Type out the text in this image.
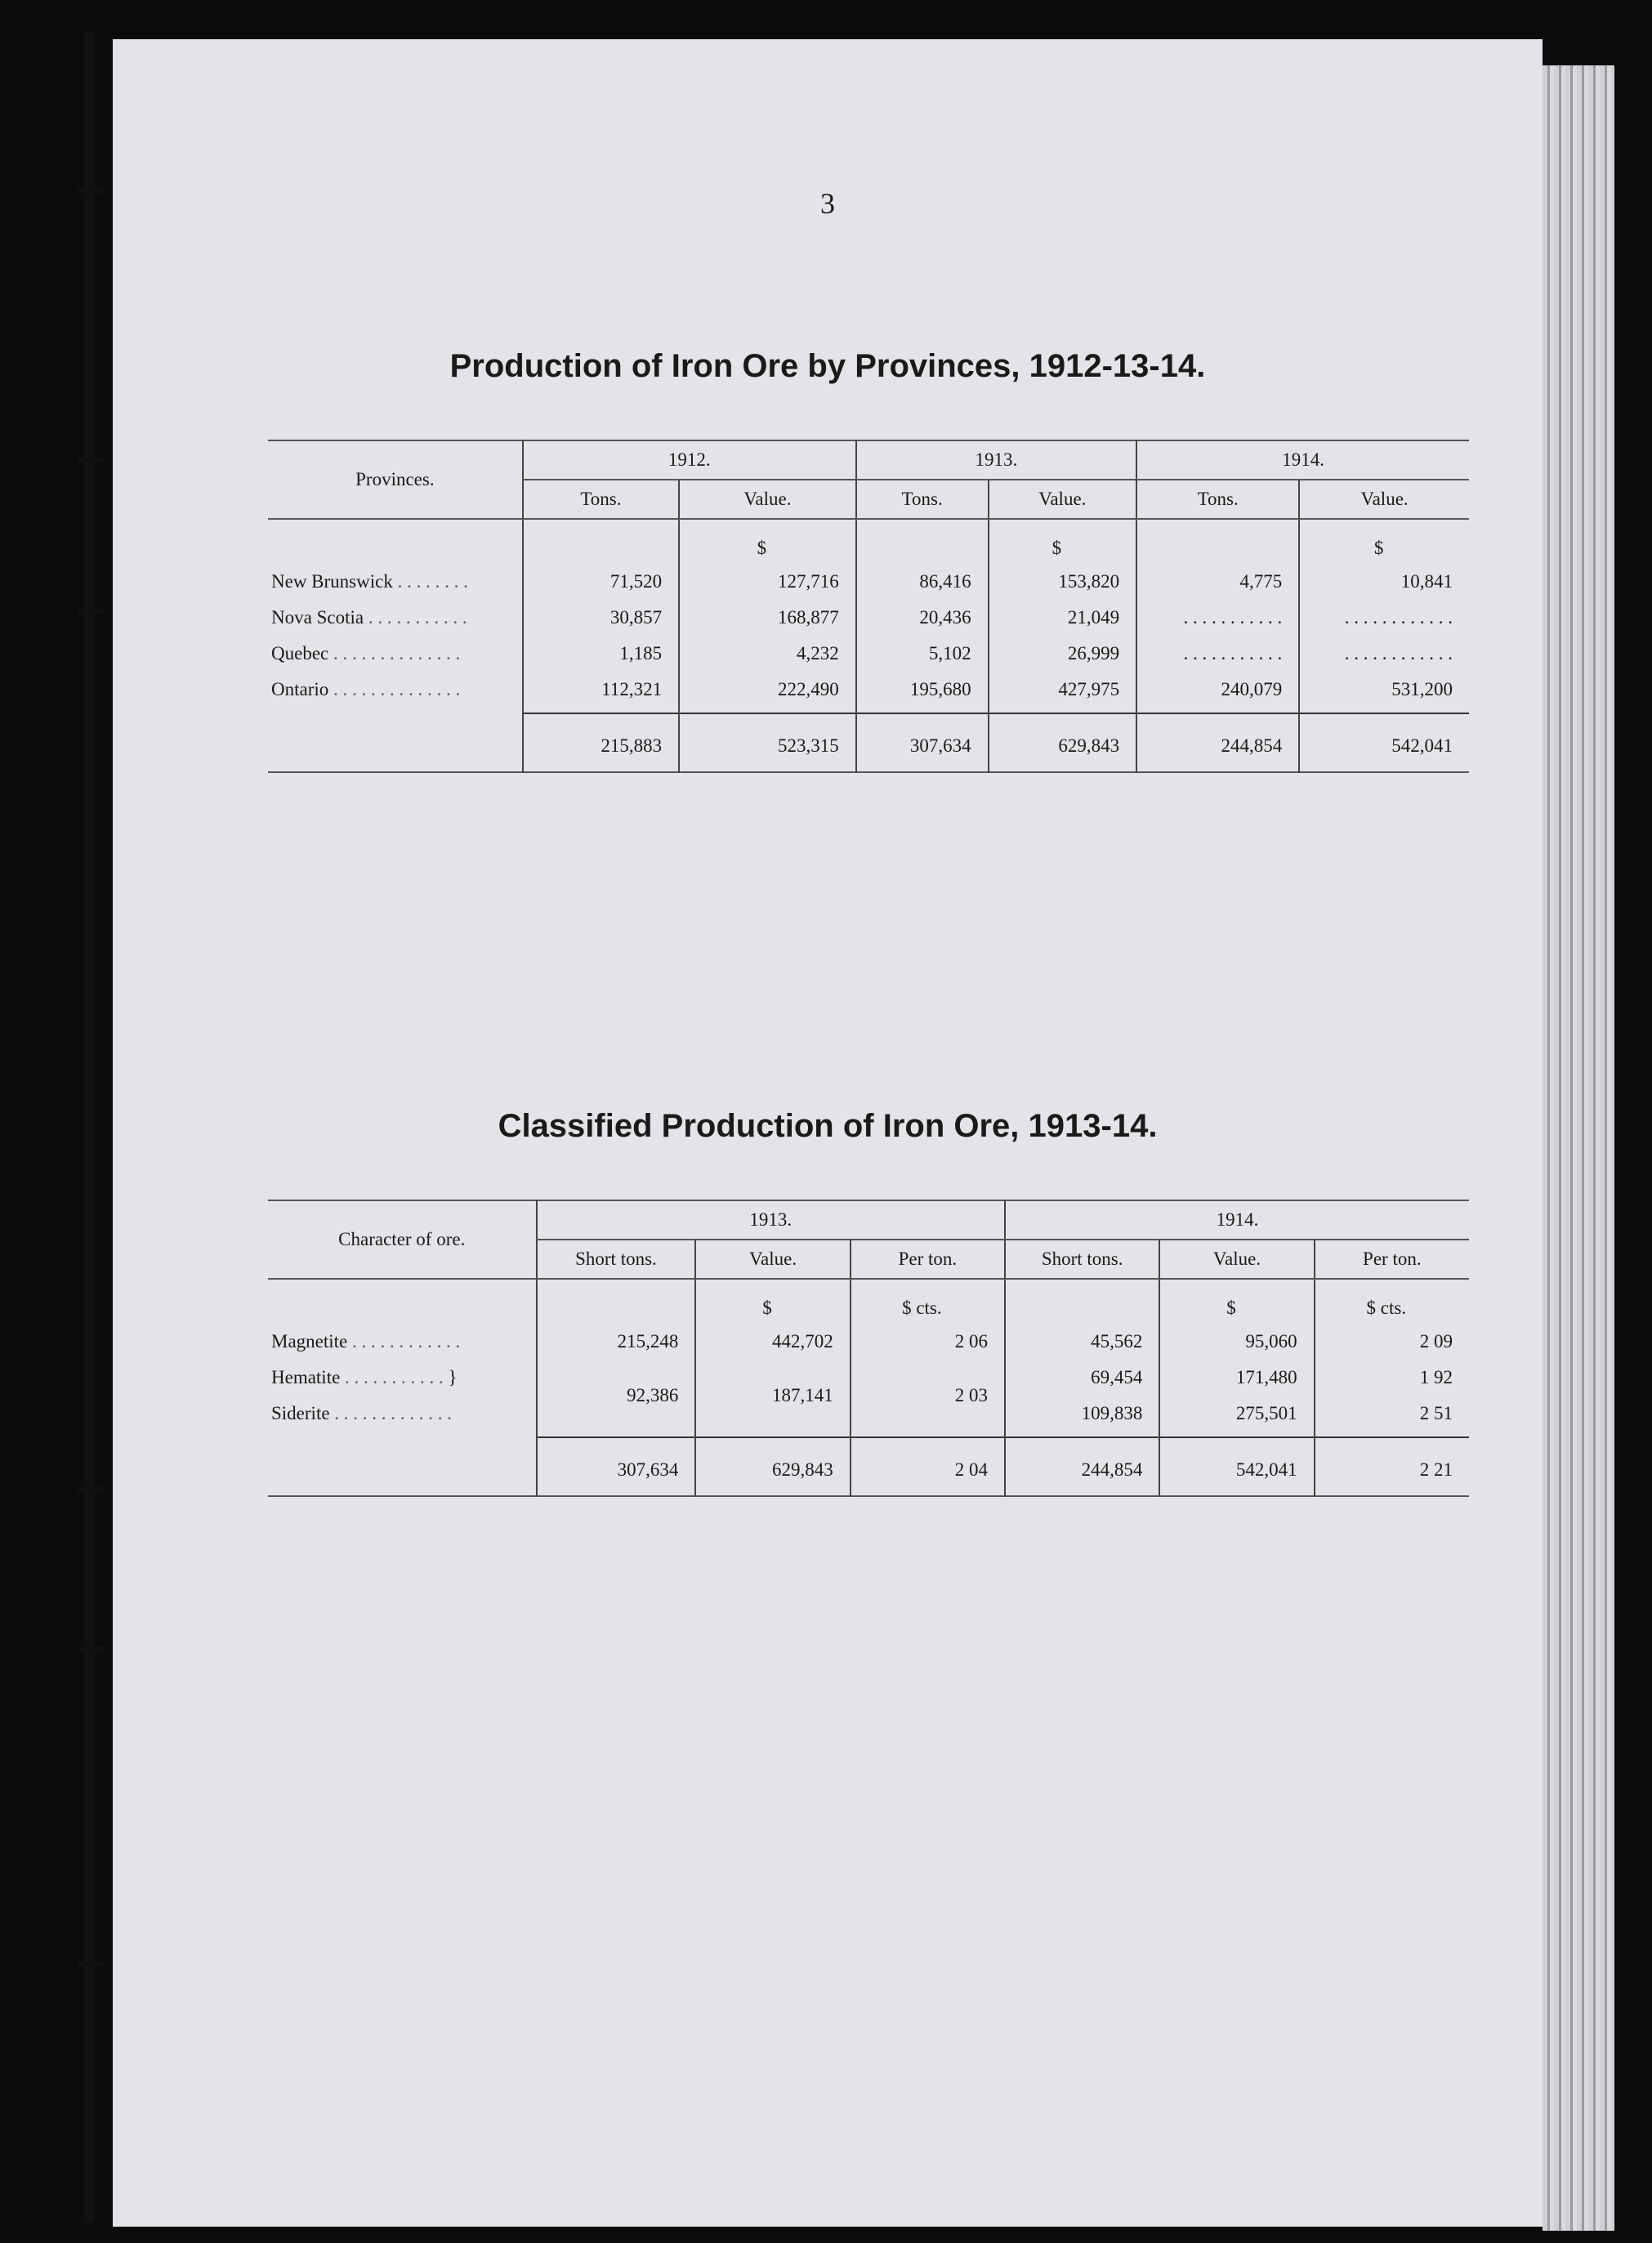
3
Production of Iron Ore by Provinces, 1912-13-14.
Provinces.	1912.		1913.		1914.	
	Tons.	Value.	Tons.	Value.	Tons.	Value.
		$		$		$
New Brunswick . . . . . . . .	71,520	127,716	86,416	153,820	4,775	10,841
Nova Scotia . . . . . . . . . . .	30,857	168,877	20,436	21,049	. . . . . . . . . . .	. . . . . . . . . . . .
Quebec . . . . . . . . . . . . . .	1,185	4,232	5,102	26,999	. . . . . . . . . . .	. . . . . . . . . . . .
Ontario . . . . . . . . . . . . . .	112,321	222,490	195,680	427,975	240,079	531,200

	215,883	523,315	307,634	629,843	244,854	542,041
Classified Production of Iron Ore, 1913-14.
Character of ore.	1913.			1914.		
	Short tons.	Value.	Per ton.	Short tons.	Value.	Per ton.
		$	$ cts.		$	$ cts.
Magnetite . . . . . . . . . . . .	215,248	442,702	2 06	45,562	95,060	2 09
Hematite . . . . . . . . . . . }	92,386	187,141	2 03	69,454	171,480	1 92
Siderite . . . . . . . . . . . . .				109,838	275,501	2 51

	307,634	629,843	2 04	244,854	542,041	2 21
